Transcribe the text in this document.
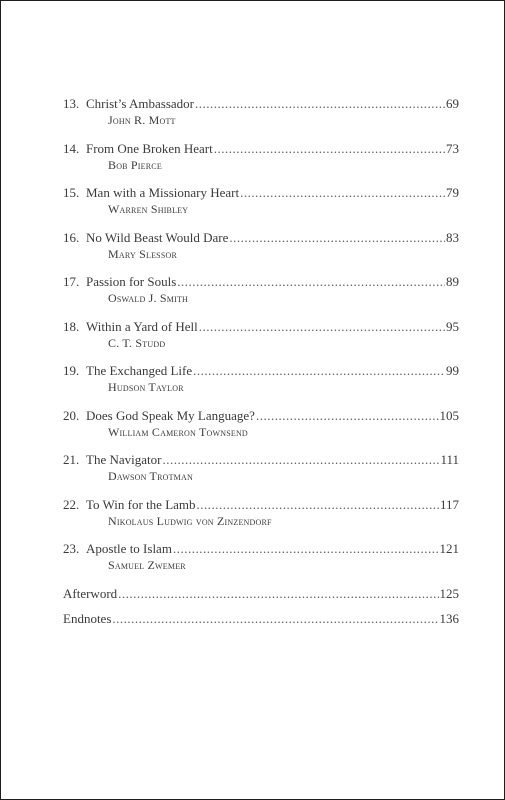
13. Christ’s Ambassador .....	69
John R. Mott
14. From One Broken Heart .....	73
Bob Pierce
15. Man with a Missionary Heart .....	79
Warren Shibley
16. No Wild Beast Would Dare .....	83
Mary Slessor
17. Passion for Souls .....	89
Oswald J. Smith
18. Within a Yard of Hell .....	95
C. T. Studd
19. The Exchanged Life .....	99
Hudson Taylor
20. Does God Speak My Language? .....	105
William Cameron Townsend
21. The Navigator .....	111
Dawson Trotman
22. To Win for the Lamb .....	117
Nikolaus Ludwig von Zinzendorf
23. Apostle to Islam .....	121
Samuel Zwemer
Afterword .....	125
Endnotes .....	136
